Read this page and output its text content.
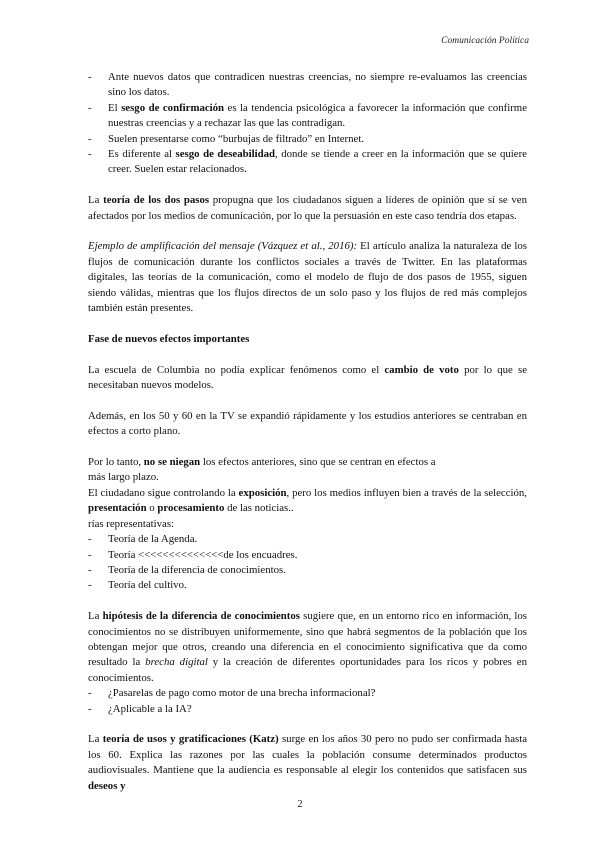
Comunicación Política
- Ante nuevos datos que contradicen nuestras creencias, no siempre re-evaluamos las creencias sino los datos.
- El sesgo de confirmación es la tendencia psicológica a favorecer la información que confirme nuestras creencias y a rechazar las que las contradigan.
- Suelen presentarse como “burbujas de filtrado” en Internet.
- Es diferente al sesgo de deseabilidad, donde se tiende a creer en la información que se quiere creer. Suelen estar relacionados.

La teoría de los dos pasos propugna que los ciudadanos siguen a líderes de opinión que sí se ven afectados por los medios de comunicación, por lo que la persuasión en este caso tendría dos etapas.

Ejemplo de amplificación del mensaje (Vázquez et al., 2016): El artículo analiza la naturaleza de los flujos de comunicación durante los conflictos sociales a través de Twitter. En las plataformas digitales, las teorías de la comunicación, como el modelo de flujo de dos pasos de 1955, siguen siendo válidas, mientras que los flujos directos de un solo paso y los flujos de red más complejos también están presentes.

Fase de nuevos efectos importantes

La escuela de Columbia no podía explicar fenómenos como el cambio de voto por lo que se necesitaban nuevos modelos.

Además, en los 50 y 60 en la TV se expandió rápidamente y los estudios anteriores se centraban en efectos a corto plano.

Por lo tanto, no se niegan los efectos anteriores, sino que se centran en efectos a
más largo plazo.

El ciudadano sigue controlando la exposición, pero los medios influyen bien a través de la selección, presentación o procesamiento de las noticias..

rías representativas:

- Teoría de la Agenda.
- Teoría <<<<<<<<<<<<<<de los encuadres.
- Teoría de la diferencia de conocimientos.
- Teoría del cultivo.

La hipótesis de la diferencia de conocimientos sugiere que, en un entorno rico en información, los conocimientos no se distribuyen uniformemente, sino que habrá segmentos de la población que los obtengan mejor que otros, creando una diferencia en el conocimiento significativa que da como resultado la brecha digital y la creación de diferentes oportunidades para los ricos y pobres en conocimientos.

- ¿Pasarelas de pago como motor de una brecha informacional?
- ¿Aplicable a la IA?

La teoría de usos y gratificaciones (Katz) surge en los años 30 pero no pudo ser confirmada hasta los 60. Explica las razones por las cuales la población consume determinados productos audiovisuales. Mantiene que la audiencia es responsable al elegir los contenidos que satisfacen sus deseos y

2
